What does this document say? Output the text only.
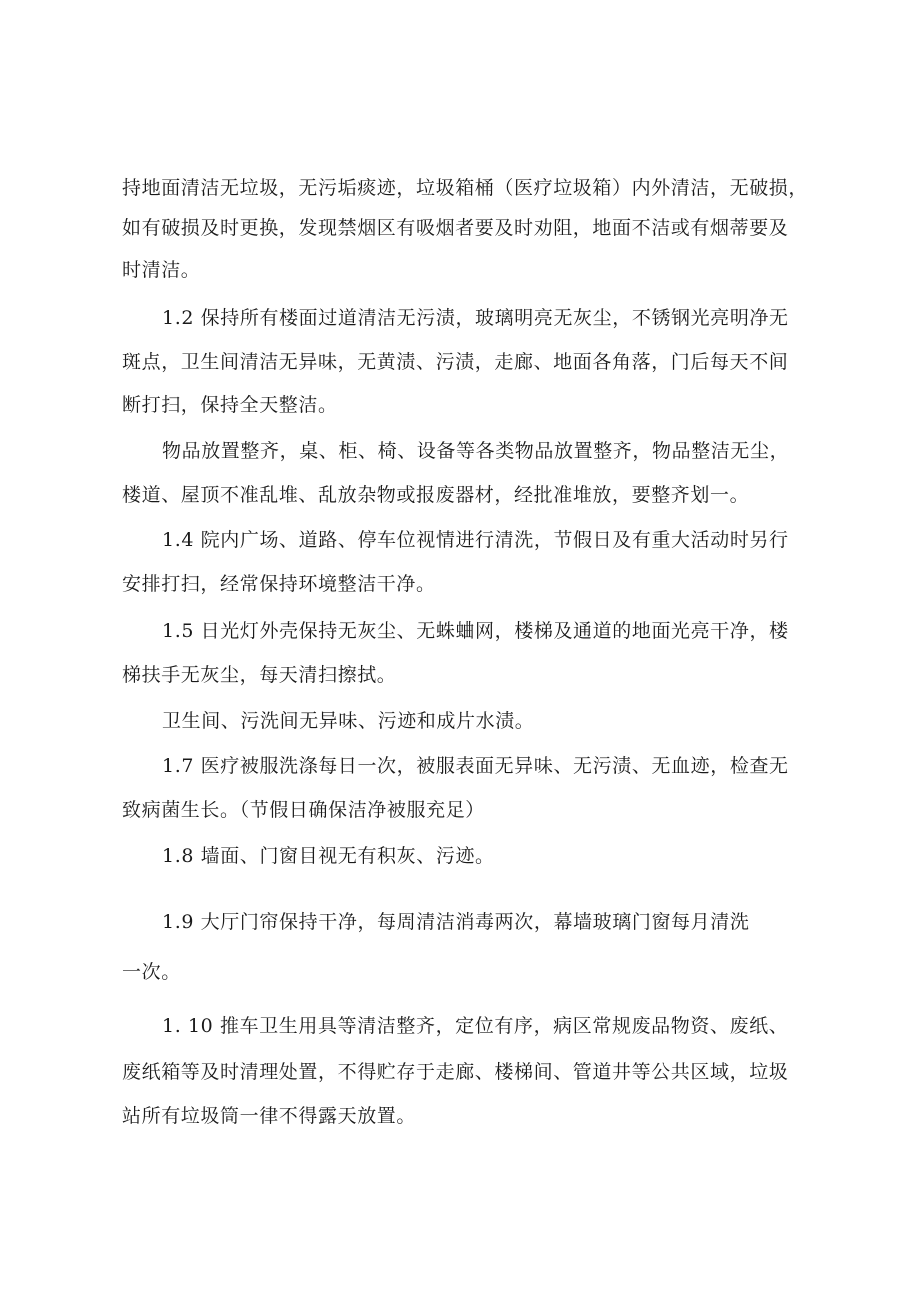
持地面清洁无垃圾，无污垢痰迹，垃圾箱桶（医疗垃圾箱）内外清洁，无破损，
如有破损及时更换，发现禁烟区有吸烟者要及时劝阻，地面不洁或有烟蒂要及
时清洁。
1.2 保持所有楼面过道清洁无污渍，玻璃明亮无灰尘，不锈钢光亮明净无
斑点，卫生间清洁无异味，无黄渍、污渍，走廊、地面各角落，门后每天不间
断打扫，保持全天整洁。
物品放置整齐，桌、柜、椅、设备等各类物品放置整齐，物品整洁无尘，
楼道、屋顶不准乱堆、乱放杂物或报废器材，经批准堆放，要整齐划一。
1.4 院内广场、道路、停车位视情进行清洗，节假日及有重大活动时另行
安排打扫，经常保持环境整洁干净。
1.5 日光灯外壳保持无灰尘、无蛛蛐网，楼梯及通道的地面光亮干净，楼
梯扶手无灰尘，每天清扫擦拭。
卫生间、污洗间无异味、污迹和成片水渍。
1.7 医疗被服洗涤每日一次，被服表面无异味、无污渍、无血迹，检查无
致病菌生长。（节假日确保洁净被服充足）
1.8 墙面、门窗目视无有积灰、污迹。
1.9 大厅门帘保持干净，每周清洁消毒两次，幕墙玻璃门窗每月清洗
一次。
1. 10 推车卫生用具等清洁整齐，定位有序，病区常规废品物资、废纸、
废纸箱等及时清理处置，不得贮存于走廊、楼梯间、管道井等公共区域，垃圾
站所有垃圾筒一律不得露天放置。
